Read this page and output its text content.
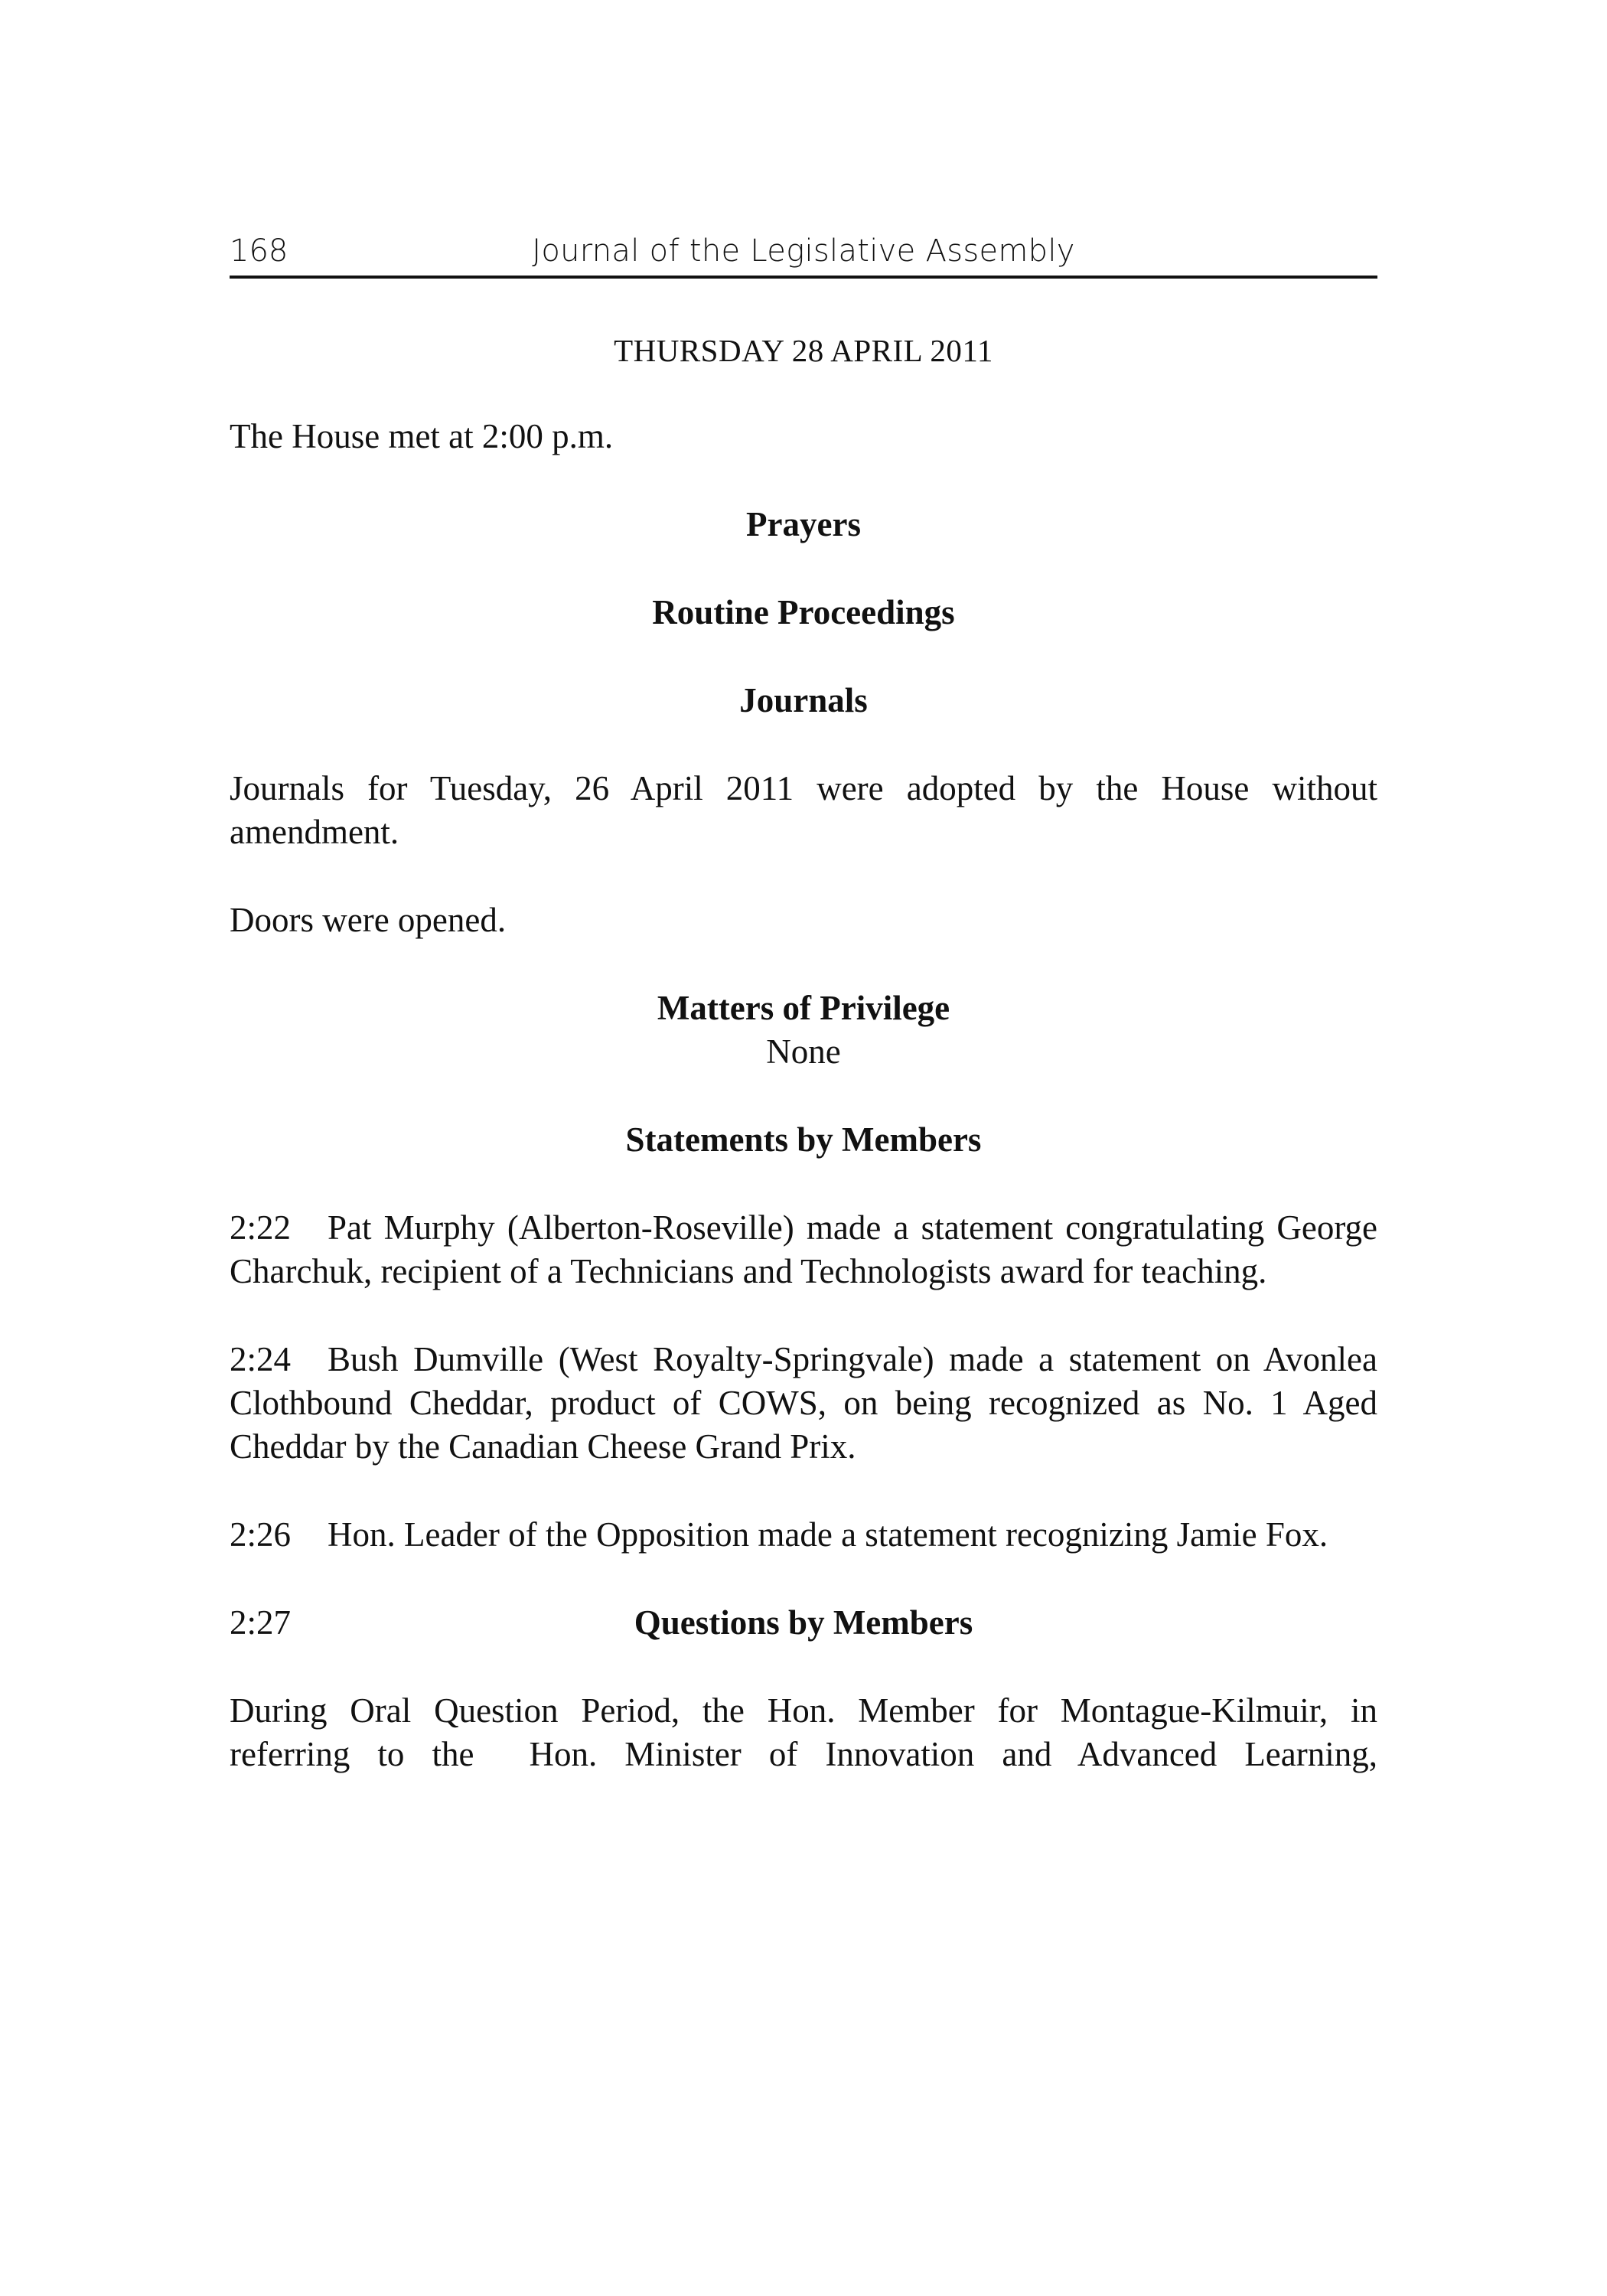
168	Journal of the Legislative Assembly
THURSDAY 28 APRIL 2011

The House met at 2:00 p.m.

Prayers
Routine Proceedings
Journals

Journals for Tuesday, 26 April 2011 were adopted by the House without amendment.

Doors were opened.

Matters of Privilege
None
Statements by Members

2:22 Pat Murphy (Alberton-Roseville) made a statement congratulating George Charchuk, recipient of a Technicians and Technologists award for teaching.

2:24 Bush Dumville (West Royalty-Springvale) made a statement on Avonlea Clothbound Cheddar, product of COWS, on being recognized as No. 1 Aged Cheddar by the Canadian Cheese Grand Prix.

2:26 Hon. Leader of the Opposition made a statement recognizing Jamie Fox.

2:27	Questions by Members

During Oral Question Period, the Hon. Member for Montague-Kilmuir, in referring to the  Hon. Minister of Innovation and Advanced Learning,
